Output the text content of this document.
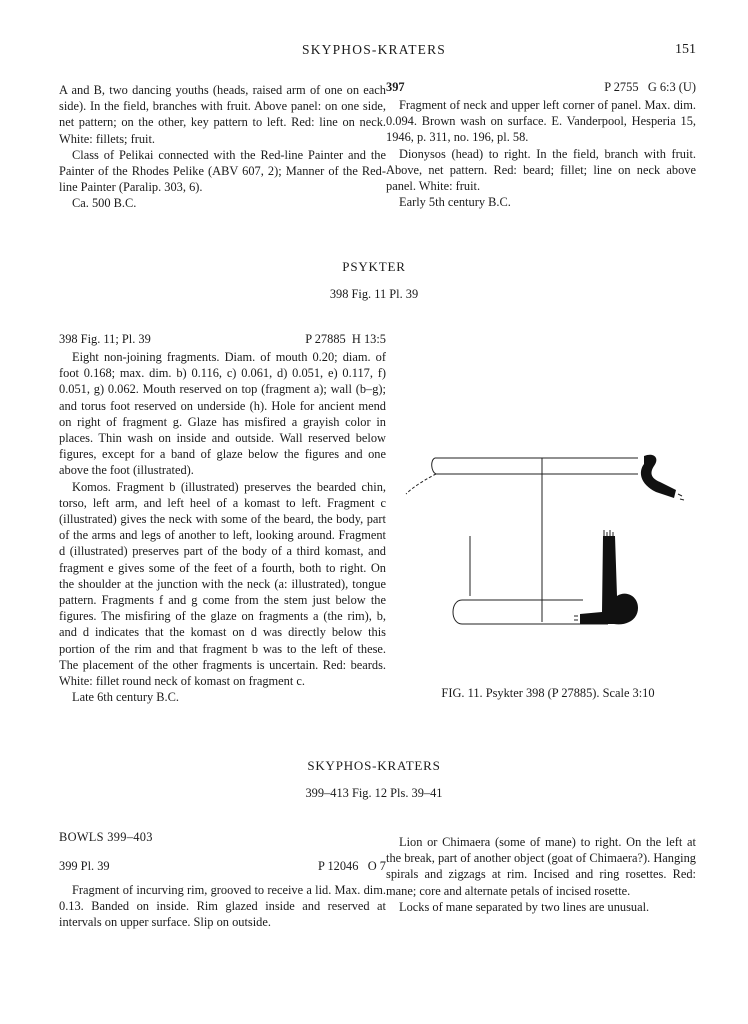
SKYPHOS-KRATERS	151

A and B, two dancing youths (heads, raised arm of one on each side). In the field, branches with fruit. Above panel: on one side, net pattern; on the other, key pattern to left. Red: line on neck. White: fillets; fruit.

Class of Pelikai connected with the Red-line Painter and the Painter of the Rhodes Pelike (ABV 607, 2); Manner of the Red-line Painter (Paralip. 303, 6).

Ca. 500 B.C.

397	P 2755 G 6:3 (U)

Fragment of neck and upper left corner of panel. Max. dim. 0.094. Brown wash on surface. E. Vanderpool, Hesperia 15, 1946, p. 311, no. 196, pl. 58.

Dionysos (head) to right. In the field, branch with fruit. Above, net pattern. Red: beard; fillet; line on neck above panel. White: fruit.

Early 5th century B.C.

PSYKTER
398 Fig. 11 Pl. 39
398 Fig. 11; Pl. 39	P 27885 H 13:5

Eight non-joining fragments. Diam. of mouth 0.20; diam. of foot 0.168; max. dim. b) 0.116, c) 0.061, d) 0.051, e) 0.117, f) 0.051, g) 0.062. Mouth reserved on top (fragment a); wall (b–g); and torus foot reserved on underside (h). Hole for ancient mend on right of fragment g. Glaze has misfired a grayish color in places. Thin wash on inside and outside. Wall reserved below figures, except for a band of glaze below the figures and one above the foot (illustrated).

Komos. Fragment b (illustrated) preserves the bearded chin, torso, left arm, and left heel of a komast to left. Fragment c (illustrated) gives the neck with some of the beard, the body, part of the arms and legs of another to left, looking around. Fragment d (illustrated) preserves part of the body of a third komast, and fragment e gives some of the feet of a fourth, both to right. On the shoulder at the junction with the neck (a: illustrated), tongue pattern. Fragments f and g come from the stem just below the figures. The misfiring of the glaze on fragments a (the rim), b, and d indicates that the komast on d was directly below this portion of the rim and that fragment b was to the left of these. The placement of the other fragments is uncertain. Red: beards. White: fillet round neck of komast on fragment c.

Late 6th century B.C.	FIG. 11. Psykter 398 (P 27885). Scale 3:10
SKYPHOS-KRATERS
399–413 Fig. 12 Pls. 39–41
BOWLS 399–403
399 Pl. 39	P 12046 O 7

Fragment of incurving rim, grooved to receive a lid. Max. dim. 0.13. Banded on inside. Rim glazed inside and reserved at intervals on upper surface. Slip on outside.

Lion or Chimaera (some of mane) to right. On the left at the break, part of another object (goat of Chimaera?). Hanging spirals and zigzags at rim. Incised and ring rosettes. Red: mane; core and alternate petals of incised rosette.

Locks of mane separated by two lines are unusual.
